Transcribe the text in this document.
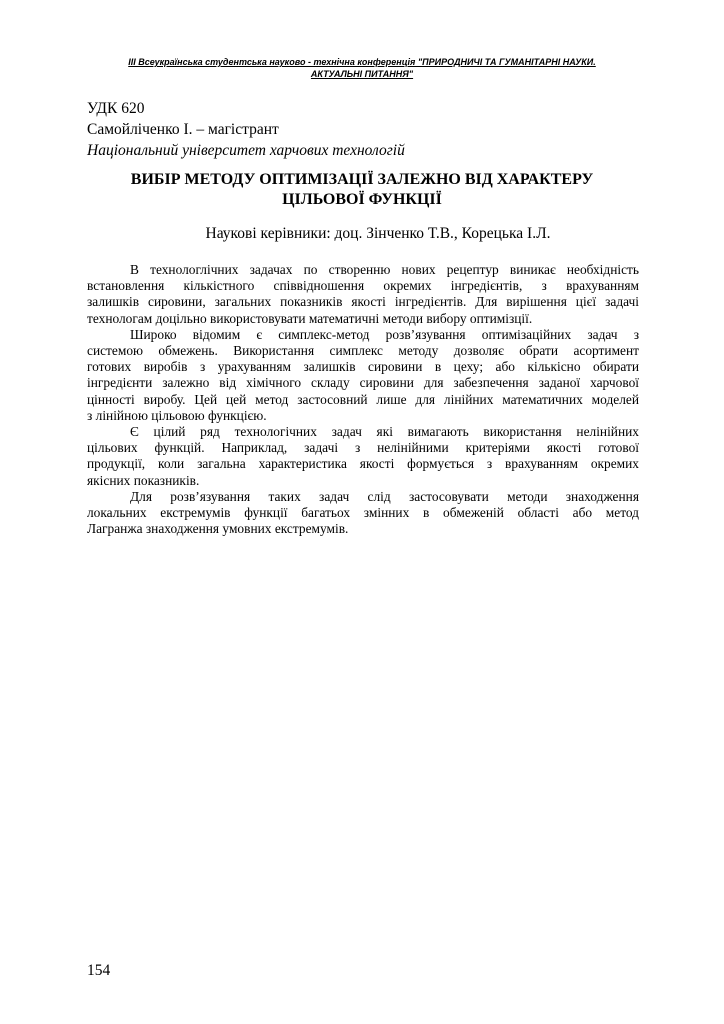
ІІІ Всеукраїнська студентська науково - технічна конференція "ПРИРОДНИЧІ ТА ГУМАНІТАРНІ НАУКИ.
АКТУАЛЬНІ ПИТАННЯ"
УДК 620
Самойліченко І. – магістрант
Національний університет харчових технологій
ВИБІР МЕТОДУ ОПТИМІЗАЦІЇ ЗАЛЕЖНО ВІД ХАРАКТЕРУ
ЦІЛЬОВОЇ ФУНКЦІЇ
Наукові керівники: доц. Зінченко Т.В., Корецька І.Л.
В технологлічних задачах по створенню нових рецептур виникає необхідність
встановлення кількістного співвідношення окремих інгредієнтів, з врахуванням
залишків сировини, загальних показників якості інгредієнтів. Для вирішення цієї задачі
технологам доцільно використовувати математичні методи вибору оптимізції.
Широко відомим є симплекс-метод розв’язування оптимізаційних задач з
системою обмежень. Використання симплекс методу дозволяє обрати асортимент
готових виробів з урахуванням залишків сировини в цеху; або кількісно обирати
інгредієнти залежно від хімічного складу сировини для забезпечення заданої харчової
цінності виробу. Цей цей метод застосовний лише для лінійних математичних моделей
з лінійною цільовою функцією.
Є цілий ряд технологічних задач які вимагають використання нелінійних
цільових функцій. Наприклад, задачі з нелінійними критеріями якості готової
продукції, коли загальна характеристика якості формується з врахуванням окремих
якісних показників.
Для розв’язування таких задач слід застосовувати методи знаходження
локальних екстремумів функції багатьох змінних в обмеженій області або метод
Лагранжа знаходження умовних екстремумів.
154
